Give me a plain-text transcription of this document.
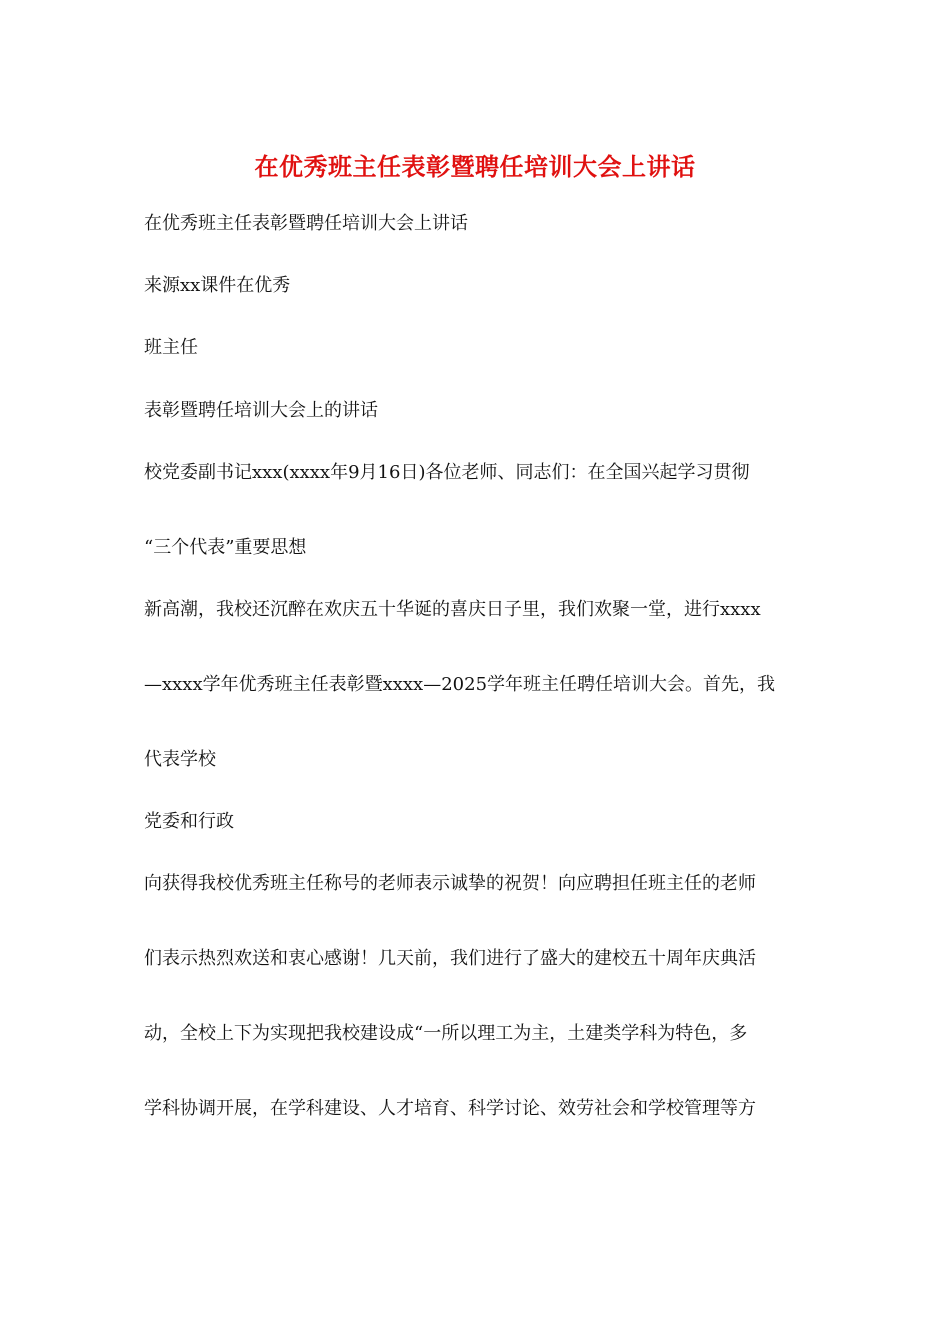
在优秀班主任表彰暨聘任培训大会上讲话
在优秀班主任表彰暨聘任培训大会上讲话
来源xx课件在优秀
班主任
表彰暨聘任培训大会上的讲话
校党委副书记xxx(xxxx年9月16日)各位老师、同志们：在全国兴起学习贯彻
“三个代表”重要思想
新高潮，我校还沉醉在欢庆五十华诞的喜庆日子里，我们欢聚一堂，进行xxxx
—xxxx学年优秀班主任表彰暨xxxx—2025学年班主任聘任培训大会。首先，我
代表学校
党委和行政
向获得我校优秀班主任称号的老师表示诚挚的祝贺！向应聘担任班主任的老师
们表示热烈欢送和衷心感谢！几天前，我们进行了盛大的建校五十周年庆典活
动，全校上下为实现把我校建设成“一所以理工为主，土建类学科为特色，多
学科协调开展，在学科建设、人才培育、科学讨论、效劳社会和学校管理等方
